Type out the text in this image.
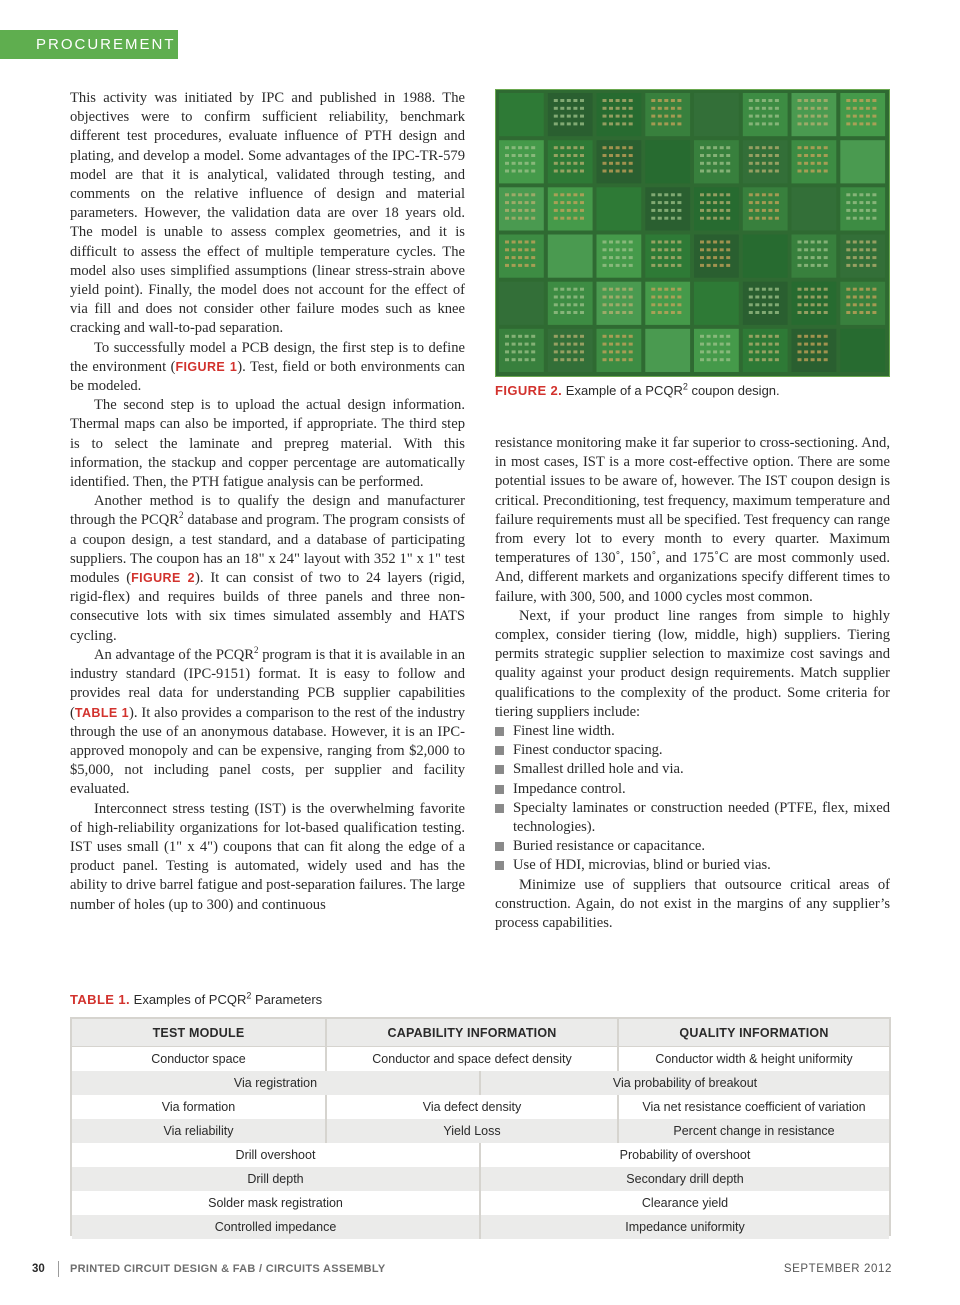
PROCUREMENT

This activity was initiated by IPC and published in 1988. The objectives were to confirm sufficient reliability, benchmark different test procedures, evaluate influence of PTH design and plating, and develop a model. Some advantages of the IPC-TR-579 model are that it is analytical, validated through testing, and comments on the relative influence of design and material parameters. However, the validation data are over 18 years old. The model is unable to assess complex geometries, and it is difficult to assess the effect of multiple temperature cycles. The model also uses simplified assumptions (linear stress-strain above yield point). Finally, the model does not account for the effect of via fill and does not consider other failure modes such as knee cracking and wall-to-pad separation.

To successfully model a PCB design, the first step is to define the environment (FIGURE 1). Test, field or both environments can be modeled.

The second step is to upload the actual design information. Thermal maps can also be imported, if appropriate. The third step is to select the laminate and prepreg material. With this information, the stackup and copper percentage are automatically identified. Then, the PTH fatigue analysis can be performed.

Another method is to qualify the design and manufacturer through the PCQR$^2$ database and program. The program consists of a coupon design, a test standard, and a database of participating suppliers. The coupon has an 18" x 24" layout with 352 1" x 1" test modules (FIGURE 2). It can consist of two to 24 layers (rigid, rigid-flex) and requires builds of three panels and three non-consecutive lots with six times simulated assembly and HATS cycling.

An advantage of the PCQR$^2$ program is that it is available in an industry standard (IPC-9151) format. It is easy to follow and provides real data for understanding PCB supplier capabilities (TABLE 1). It also provides a comparison to the rest of the industry through the use of an anonymous database. However, it is an IPC-approved monopoly and can be expensive, ranging from $2,000 to $5,000, not including panel costs, per supplier and facility evaluated.

Interconnect stress testing (IST) is the overwhelming favorite of high-reliability organizations for lot-based qualification testing. IST uses small (1" x 4") coupons that can fit along the edge of a product panel. Testing is automated, widely used and has the ability to drive barrel fatigue and post-separation failures. The large number of holes (up to 300) and continuous

FIGURE 2. Example of a PCQR$^2$ coupon design.

resistance monitoring make it far superior to cross-sectioning. And, in most cases, IST is a more cost-effective option. There are some potential issues to be aware of, however. The IST coupon design is critical. Preconditioning, test frequency, maximum temperature and failure requirements must all be specified. Test frequency can range from every lot to every month to every quarter. Maximum temperatures of 130˚, 150˚, and 175˚C are most commonly used. And, different markets and organizations specify different times to failure, with 300, 500, and 1000 cycles most common.

Next, if your product line ranges from simple to highly complex, consider tiering (low, middle, high) suppliers. Tiering permits strategic supplier selection to maximize cost savings and quality against your product design requirements. Match supplier qualifications to the complexity of the product. Some criteria for tiering suppliers include:

Finest line width.
Finest conductor spacing.
Smallest drilled hole and via.
Impedance control.
Specialty laminates or construction needed (PTFE, flex, mixed technologies).
Buried resistance or capacitance.
Use of HDI, microvias, blind or buried vias.

Minimize use of suppliers that outsource critical areas of construction. Again, do not exist in the margins of any supplier’s process capabilities.

TABLE 1. Examples of PCQR$^2$ Parameters
TEST MODULE	CAPABILITY INFORMATION	QUALITY INFORMATION
Conductor space	Conductor and space defect density	Conductor width & height uniformity
Via registration	Via probability of breakout
Via formation	Via defect density	Via net resistance coefficient of variation
Via reliability	Yield Loss	Percent change in resistance
Drill overshoot	Probability of overshoot
Drill depth	Secondary drill depth
Solder mask registration	Clearance yield
Controlled impedance	Impedance uniformity
30 PRINTED CIRCUIT DESIGN & FAB / CIRCUITS ASSEMBLY	SEPTEMBER 2012
